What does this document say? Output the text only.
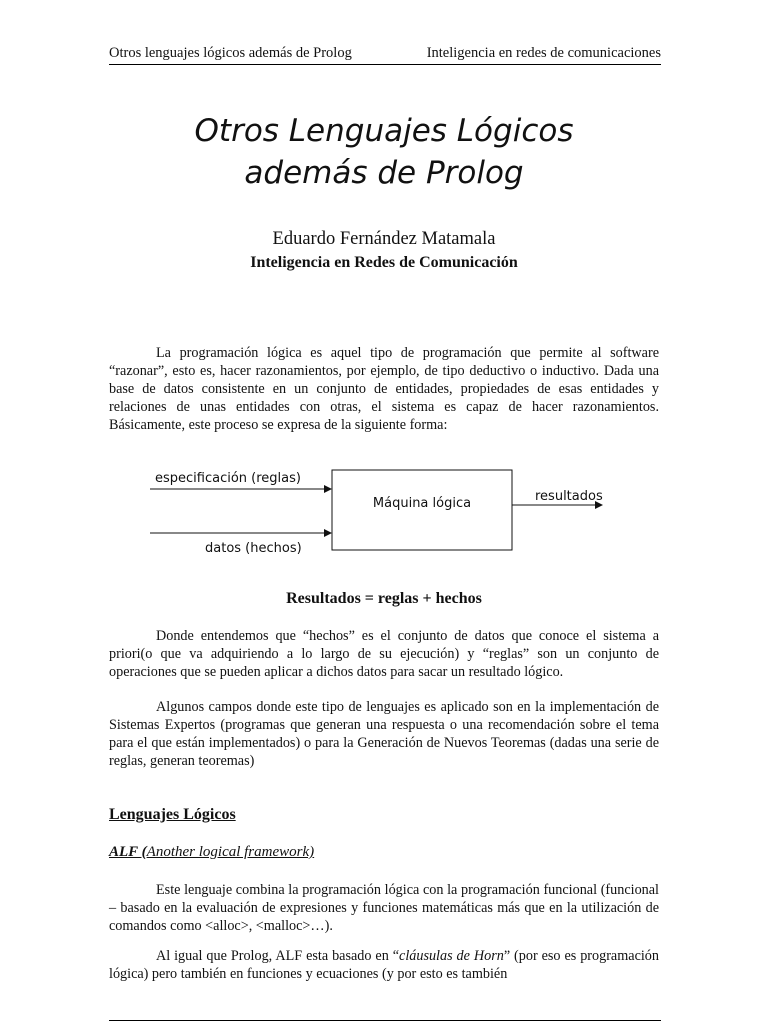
Otros lenguajes lógicos además de Prolog	Inteligencia en redes de comunicaciones
Otros Lenguajes Lógicos
además de Prolog
Eduardo Fernández Matamala
Inteligencia en Redes de Comunicación

La programación lógica es aquel tipo de programación que permite al software “razonar”, esto es, hacer razonamientos, por ejemplo, de tipo deductivo o inductivo. Dada una base de datos consistente en un conjunto de entidades, propiedades de esas entidades y relaciones de unas entidades con otras, el sistema es capaz de hacer razonamientos. Básicamente, este proceso se expresa de la siguiente forma:

especificación (reglas)
datos (hechos)
Máquina lógica	resultados
Resultados = reglas + hechos

Donde entendemos que “hechos” es el conjunto de datos que conoce el sistema a priori(o que va adquiriendo a lo largo de su ejecución) y “reglas” son un conjunto de operaciones que se pueden aplicar a dichos datos para sacar un resultado lógico.

Algunos campos donde este tipo de lenguajes es aplicado son en la implementación de Sistemas Expertos (programas que generan una respuesta o una recomendación sobre el tema para el que están implementados) o para la Generación de Nuevos Teoremas (dadas una serie de reglas, generan teoremas)

Lenguajes Lógicos
ALF (Another logical framework)

Este lenguaje combina la programación lógica con la programación funcional (funcional – basado en la evaluación de expresiones y funciones matemáticas más que en la utilización de comandos como <alloc>, <malloc>…).

Al igual que Prolog, ALF esta basado en “cláusulas de Horn” (por eso es programación lógica) pero también en funciones y ecuaciones (y por esto es también
